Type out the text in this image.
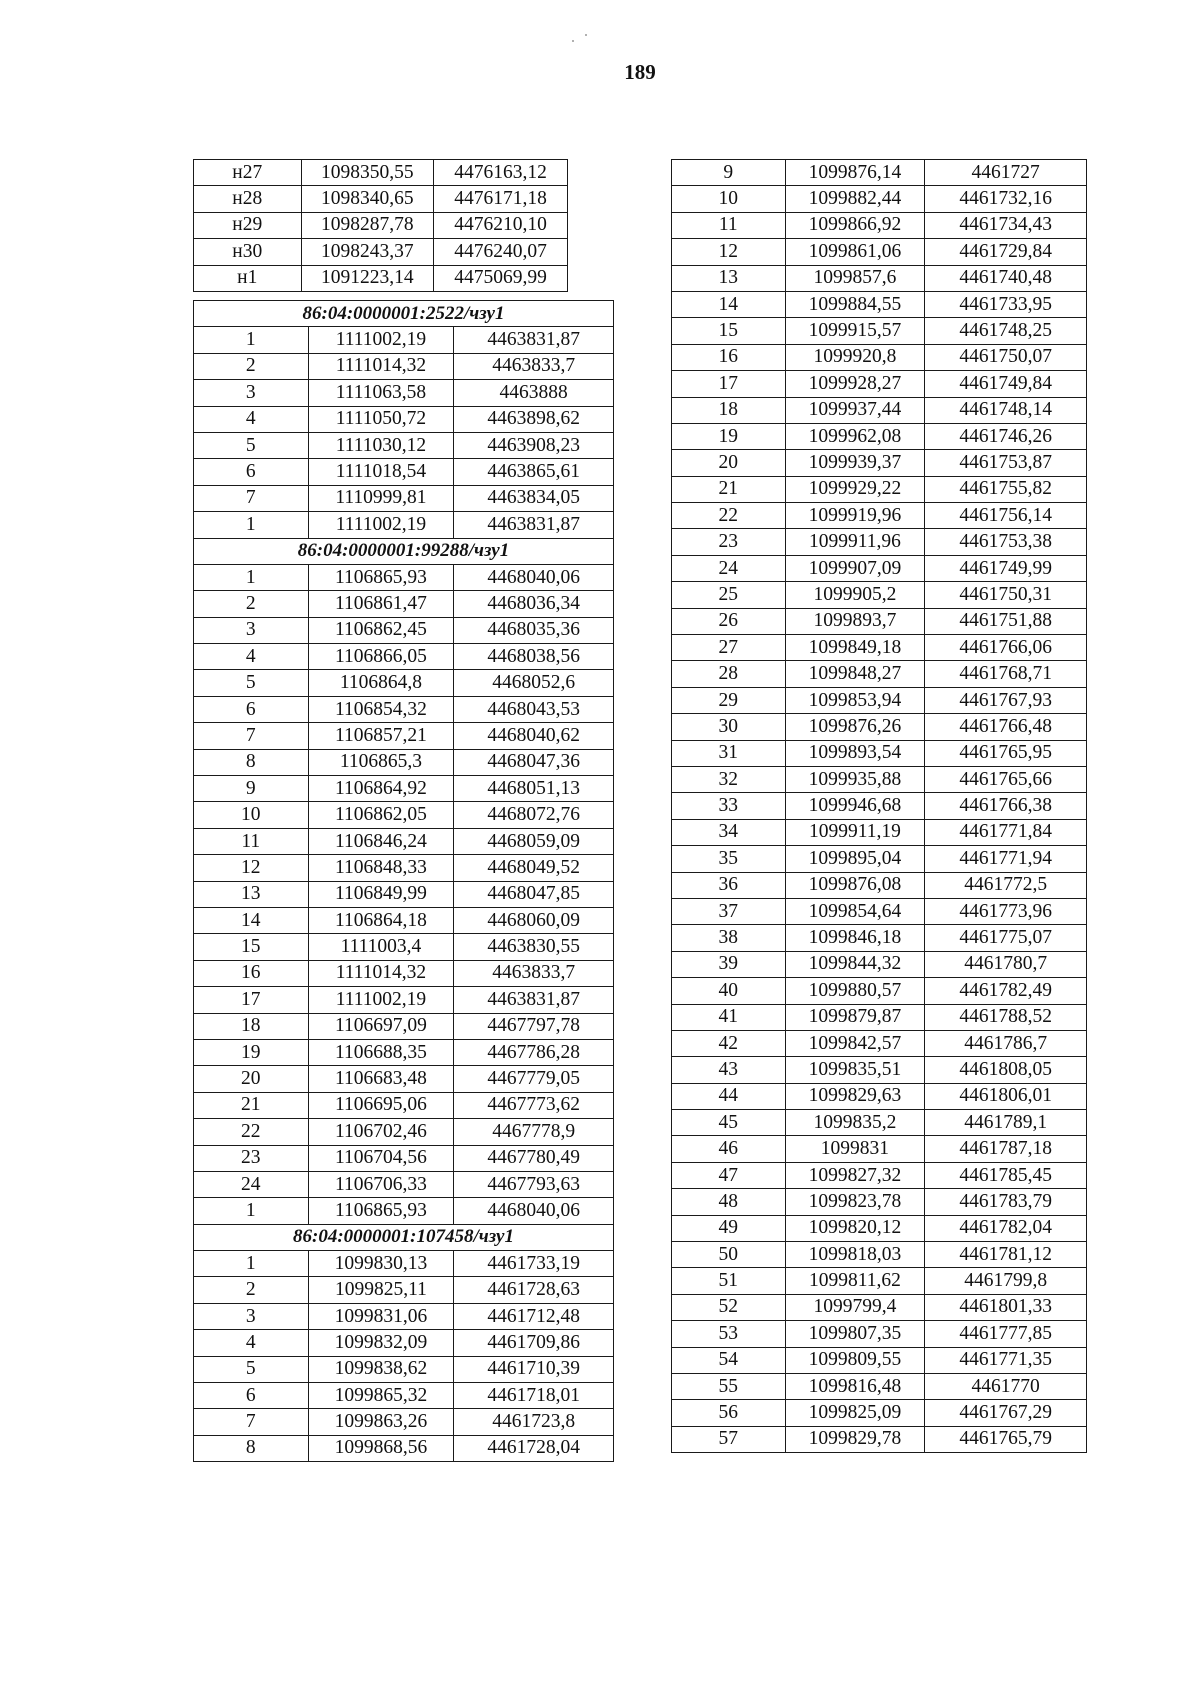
189
н27	1098350,55	4476163,12
н28	1098340,65	4476171,18
н29	1098287,78	4476210,10
н30	1098243,37	4476240,07
н1	1091223,14	4475069,99
86:04:0000001:2522/чзу1		
1	1111002,19	4463831,87
2	1111014,32	4463833,7
3	1111063,58	4463888
4	1111050,72	4463898,62
5	1111030,12	4463908,23
6	1111018,54	4463865,61
7	1110999,81	4463834,05
1	1111002,19	4463831,87
86:04:0000001:99288/чзу1		
1	1106865,93	4468040,06
2	1106861,47	4468036,34
3	1106862,45	4468035,36
4	1106866,05	4468038,56
5	1106864,8	4468052,6
6	1106854,32	4468043,53
7	1106857,21	4468040,62
8	1106865,3	4468047,36
9	1106864,92	4468051,13
10	1106862,05	4468072,76
11	1106846,24	4468059,09
12	1106848,33	4468049,52
13	1106849,99	4468047,85
14	1106864,18	4468060,09
15	1111003,4	4463830,55
16	1111014,32	4463833,7
17	1111002,19	4463831,87
18	1106697,09	4467797,78
19	1106688,35	4467786,28
20	1106683,48	4467779,05
21	1106695,06	4467773,62
22	1106702,46	4467778,9
23	1106704,56	4467780,49
24	1106706,33	4467793,63
1	1106865,93	4468040,06
86:04:0000001:107458/чзу1		
1	1099830,13	4461733,19
2	1099825,11	4461728,63
3	1099831,06	4461712,48
4	1099832,09	4461709,86
5	1099838,62	4461710,39
6	1099865,32	4461718,01
7	1099863,26	4461723,8
8	1099868,56	4461728,04
9	1099876,14	4461727
10	1099882,44	4461732,16
11	1099866,92	4461734,43
12	1099861,06	4461729,84
13	1099857,6	4461740,48
14	1099884,55	4461733,95
15	1099915,57	4461748,25
16	1099920,8	4461750,07
17	1099928,27	4461749,84
18	1099937,44	4461748,14
19	1099962,08	4461746,26
20	1099939,37	4461753,87
21	1099929,22	4461755,82
22	1099919,96	4461756,14
23	1099911,96	4461753,38
24	1099907,09	4461749,99
25	1099905,2	4461750,31
26	1099893,7	4461751,88
27	1099849,18	4461766,06
28	1099848,27	4461768,71
29	1099853,94	4461767,93
30	1099876,26	4461766,48
31	1099893,54	4461765,95
32	1099935,88	4461765,66
33	1099946,68	4461766,38
34	1099911,19	4461771,84
35	1099895,04	4461771,94
36	1099876,08	4461772,5
37	1099854,64	4461773,96
38	1099846,18	4461775,07
39	1099844,32	4461780,7
40	1099880,57	4461782,49
41	1099879,87	4461788,52
42	1099842,57	4461786,7
43	1099835,51	4461808,05
44	1099829,63	4461806,01
45	1099835,2	4461789,1
46	1099831	4461787,18
47	1099827,32	4461785,45
48	1099823,78	4461783,79
49	1099820,12	4461782,04
50	1099818,03	4461781,12
51	1099811,62	4461799,8
52	1099799,4	4461801,33
53	1099807,35	4461777,85
54	1099809,55	4461771,35
55	1099816,48	4461770
56	1099825,09	4461767,29
57	1099829,78	4461765,79
